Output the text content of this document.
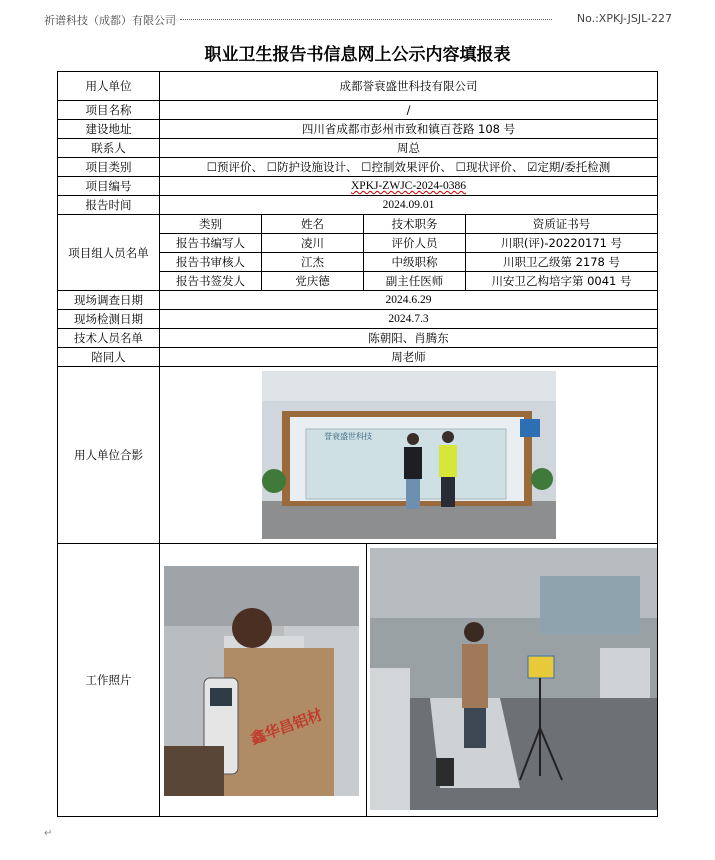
祈谱科技（成都）有限公司	No.:XPKJ-JSJL-227
职业卫生报告书信息网上公示内容填报表
用人单位	成都誉衰盛世科技有限公司			
项目名称	/			
建设地址	四川省成都市彭州市致和镇百苍路 108 号			
联系人	周总			
项目类别	☐预评价、 ☐防护设施设计、 ☐控制效果评价、 ☐现状评价、 ☑定期/委托检测			
项目编号	XPKJ-ZWJC-2024-0386			
报告时间	2024.09.01			
项目组人员名单	类别	姓名	技术职务	资质证书号
	报告书编写人	凌川	评价人员	川职(评)-20220171 号
	报告书审核人	江杰	中级职称	川职卫乙级第 2178 号
	报告书签发人	党庆德	副主任医师	川安卫乙构培字第 0041 号
现场调查日期	2024.6.29			
现场检测日期	2024.7.3			
技术人员名单	陈朝阳、肖腾东			
陪同人	周老师			
用人单位合影	誉衰盛世科技			

工作照片	鑫华昌铝材			
↵
